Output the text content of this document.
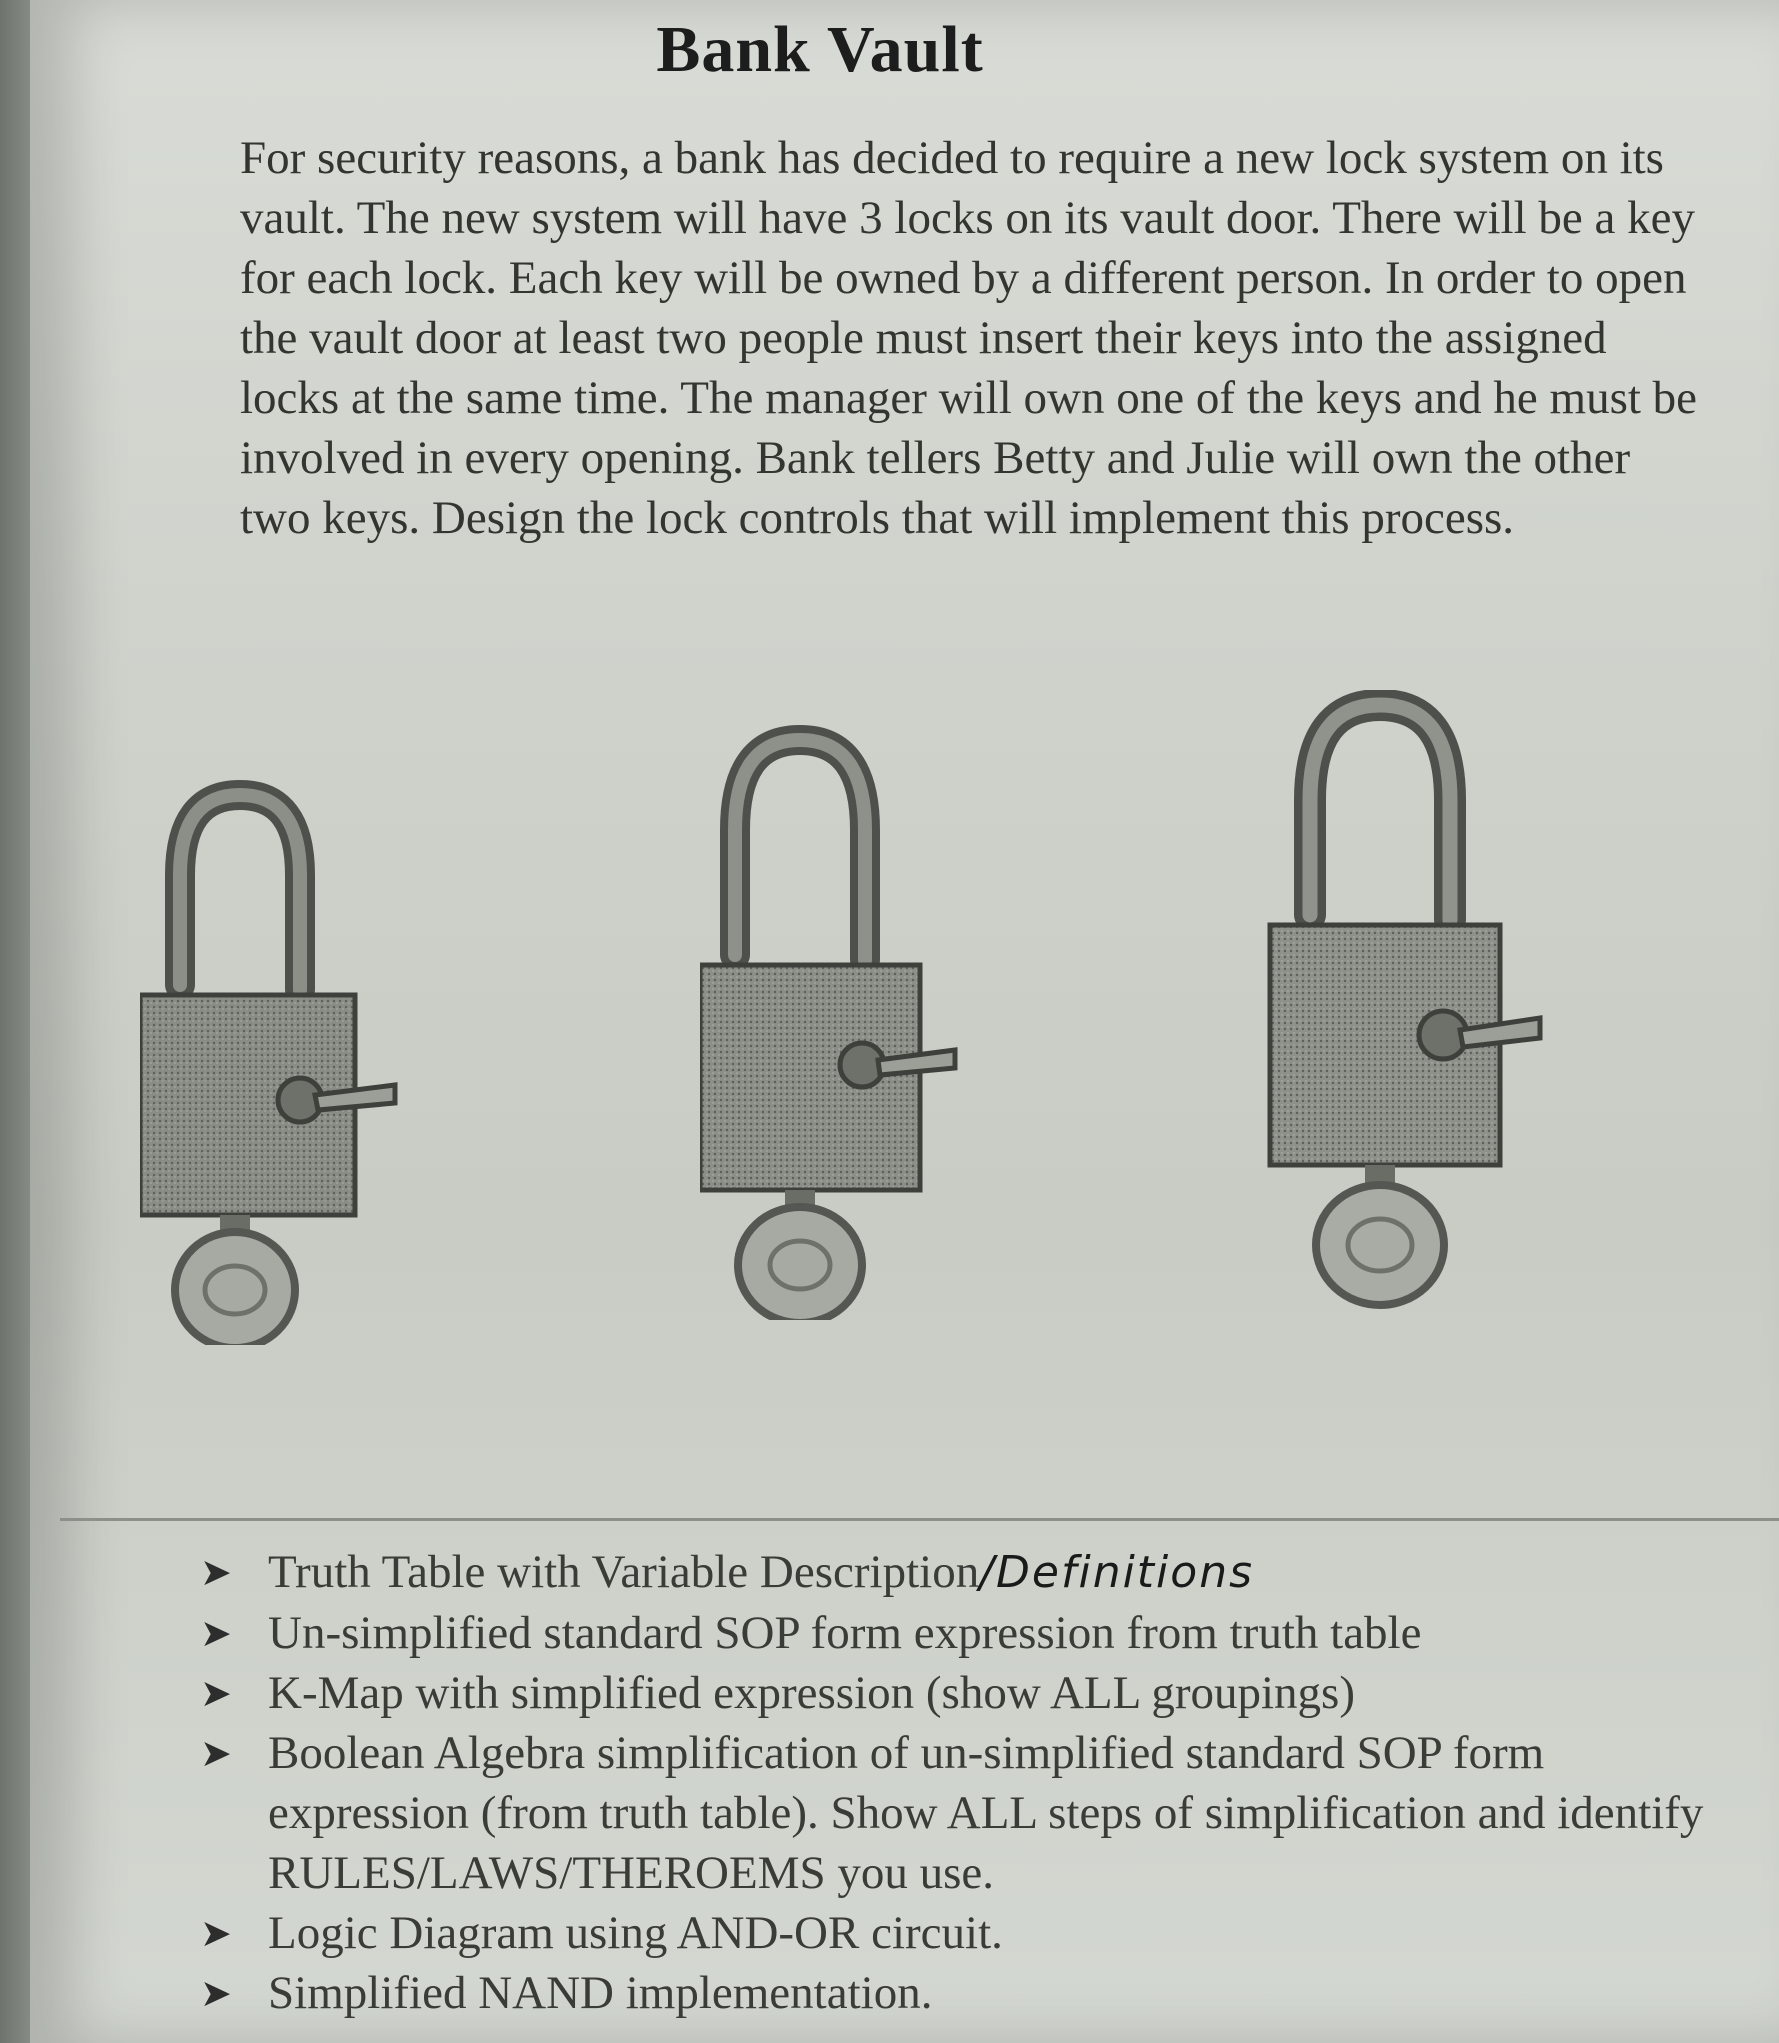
Bank Vault

For security reasons, a bank has decided to require a new lock system on its vault. The new system will have 3 locks on its vault door. There will be a key for each lock. Each key will be owned by a different person. In order to open the vault door at least two people must insert their keys into the assigned locks at the same time. The manager will own one of the keys and he must be involved in every opening. Bank tellers Betty and Julie will own the other two keys. Design the lock controls that will implement this process.

➤ Truth Table with Variable Description/Definitions
➤ Un-simplified standard SOP form expression from truth table
➤ K-Map with simplified expression (show ALL groupings)
➤ Boolean Algebra simplification of un-simplified standard SOP form expression (from truth table). Show ALL steps of simplification and identify RULES/LAWS/THEROEMS you use.
➤ Logic Diagram using AND-OR circuit.
➤ Simplified NAND implementation.
